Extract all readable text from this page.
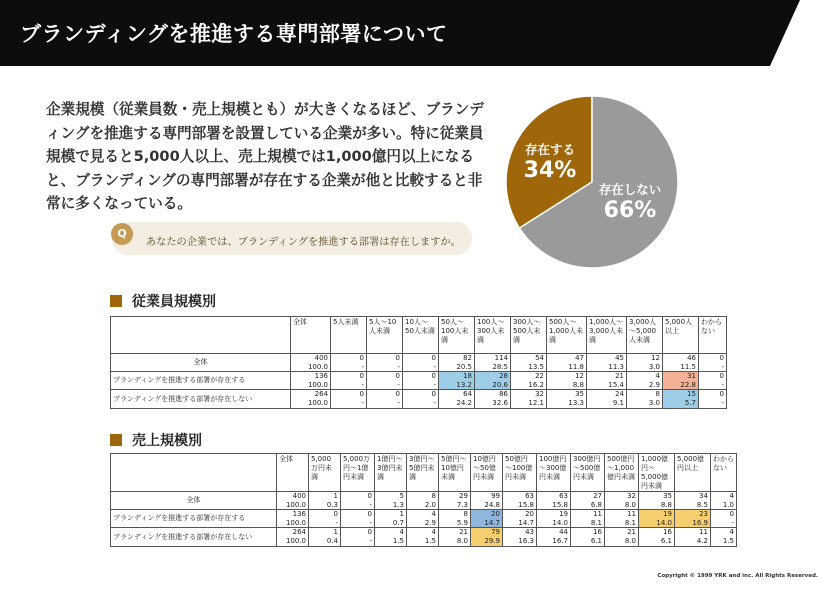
ブランディングを推進する専門部署について

企業規模（従業員数・売上規模とも）が大きくなるほど、ブランディングを推進する専門部署を設置している企業が多い。特に従業員規模で見ると5,000人以上、売上規模では1,000億円以上になると、ブランディングの専門部署が存在する企業が他と比較すると非常に多くなっている。

Q
あなたの企業では、ブランディングを推進する部署は存在しますか。
存在する
34%
存在しない
66%
従業員規模別
	全体	5人未満	5人～10人未満	10人～50人未満	50人～100人未満	100人～300人未満	300人～500人未満	500人～1,000人未満	1,000人～3,000人未満	3,000人～5,000人未満	5,000人以上	わからない
全体	400	0	0	0	82	114	54	47	45	12	46	0
	100.0	-	-	-	20.5	28.5	13.5	11.8	11.3	3.0	11.5	-
ブランディングを推進する部署が存在する	136	0	0	0	18	28	22	12	21	4	31	0
	100.0	-	-	-	13.2	20.6	16.2	8.8	15.4	2.9	22.8	-
ブランディングを推進する部署が存在しない	264	0	0	0	64	86	32	35	24	8	15	0
	100.0	-	-	-	24.2	32.6	12.1	13.3	9.1	3.0	5.7	-
売上規模別
	全体	5,000万円未満	5,000万円～1億円未満	1億円～3億円未満	3億円～5億円未満	5億円～10億円未満	10億円～50億円未満	50億円～100億円未満	100億円～300億円未満	300億円～500億円未満	500億円～1,000億円未満	1,000億円～5,000億円未満	5,000億円以上	わからない
全体	400	1	0	5	8	29	99	63	63	27	32	35	34	4
	100.0	0.3	-	1.3	2.0	7.3	24.8	15.8	15.8	6.8	8.0	8.8	8.5	1.0
ブランディングを推進する部署が存在する	136	0	0	1	4	8	20	20	19	11	11	19	23	0
	100.0	-	-	0.7	2.9	5.9	14.7	14.7	14.0	8.1	8.1	14.0	16.9	-
ブランディングを推進する部署が存在しない	264	1	0	4	4	21	79	43	44	16	21	16	11	4
	100.0	0.4	-	1.5	1.5	8.0	29.9	16.3	16.7	6.1	8.0	6.1	4.2	1.5
Copyright © 1999 YRK and inc. All Rights Reserved.
